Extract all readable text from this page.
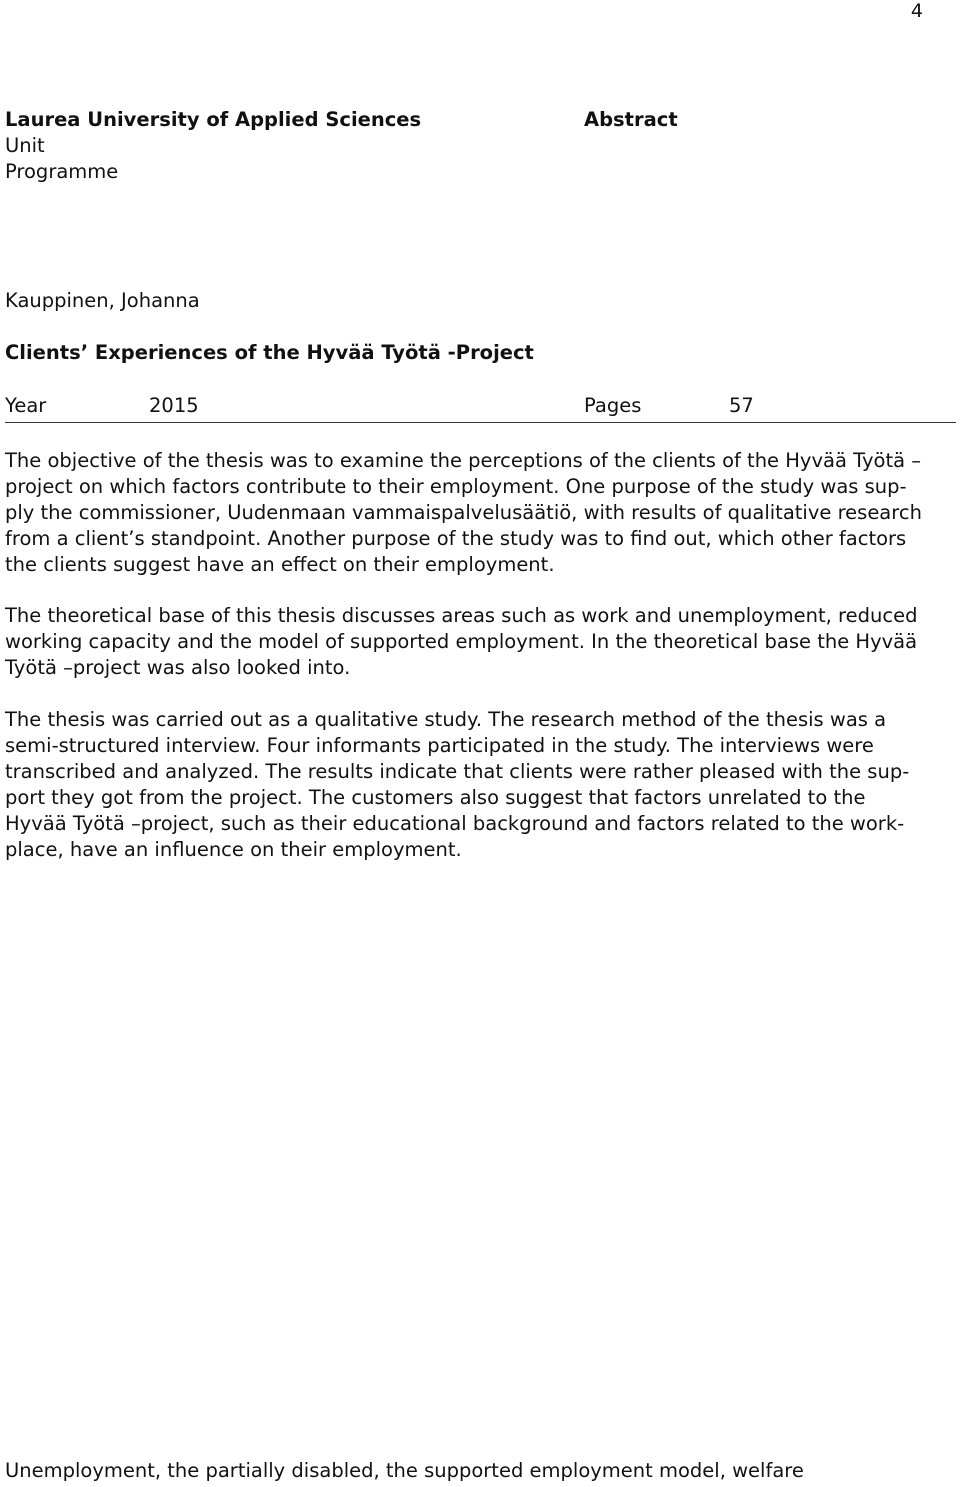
4
Laurea University of Applied Sciences	Abstract
Unit
Programme
Kauppinen, Johanna
Clients’ Experiences of the Hyvää Työtä -Project
Year	2015	Pages	57
The objective of the thesis was to examine the perceptions of the clients of the Hyvää Työtä –
project on which factors contribute to their employment. One purpose of the study was sup-
ply the commissioner, Uudenmaan vammaispalvelusäätiö, with results of qualitative research
from a client’s standpoint. Another purpose of the study was to find out, which other factors
the clients suggest have an effect on their employment.
The theoretical base of this thesis discusses areas such as work and unemployment, reduced
working capacity and the model of supported employment. In the theoretical base the Hyvää
Työtä –project was also looked into.
The thesis was carried out as a qualitative study. The research method of the thesis was a
semi-structured interview. Four informants participated in the study. The interviews were
transcribed and analyzed. The results indicate that clients were rather pleased with the sup-
port they got from the project. The customers also suggest that factors unrelated to the
Hyvää Työtä –project, such as their educational background and factors related to the work-
place, have an influence on their employment.
Unemployment, the partially disabled, the supported employment model, welfare
